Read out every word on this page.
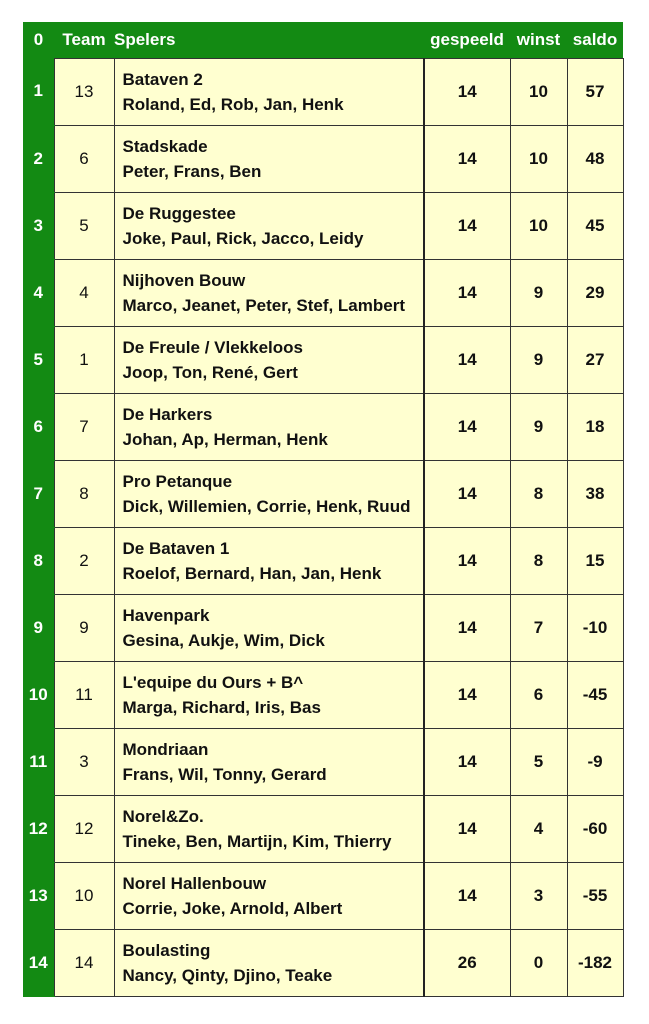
0	Team	Spelers	gespeeld	winst	saldo
1	13	Bataven 2
Roland, Ed, Rob, Jan, Henk	14	10	57
2	6	Stadskade
Peter, Frans, Ben	14	10	48
3	5	De Ruggestee
Joke, Paul, Rick, Jacco, Leidy	14	10	45
4	4	Nijhoven Bouw
Marco, Jeanet, Peter, Stef, Lambert	14	9	29
5	1	De Freule / Vlekkeloos
Joop, Ton, René, Gert	14	9	27
6	7	De Harkers
Johan, Ap, Herman, Henk	14	9	18
7	8	Pro Petanque
Dick, Willemien, Corrie, Henk, Ruud	14	8	38
8	2	De Bataven 1
Roelof, Bernard, Han, Jan, Henk	14	8	15
9	9	Havenpark
Gesina, Aukje, Wim, Dick	14	7	-10
10	11	L'equipe du Ours + B^
Marga, Richard, Iris, Bas	14	6	-45
11	3	Mondriaan
Frans, Wil, Tonny, Gerard	14	5	-9
12	12	Norel&Zo.
Tineke, Ben, Martijn, Kim, Thierry	14	4	-60
13	10	Norel Hallenbouw
Corrie, Joke, Arnold, Albert	14	3	-55
14	14	Boulasting
Nancy, Qinty, Djino, Teake	26	0	-182
